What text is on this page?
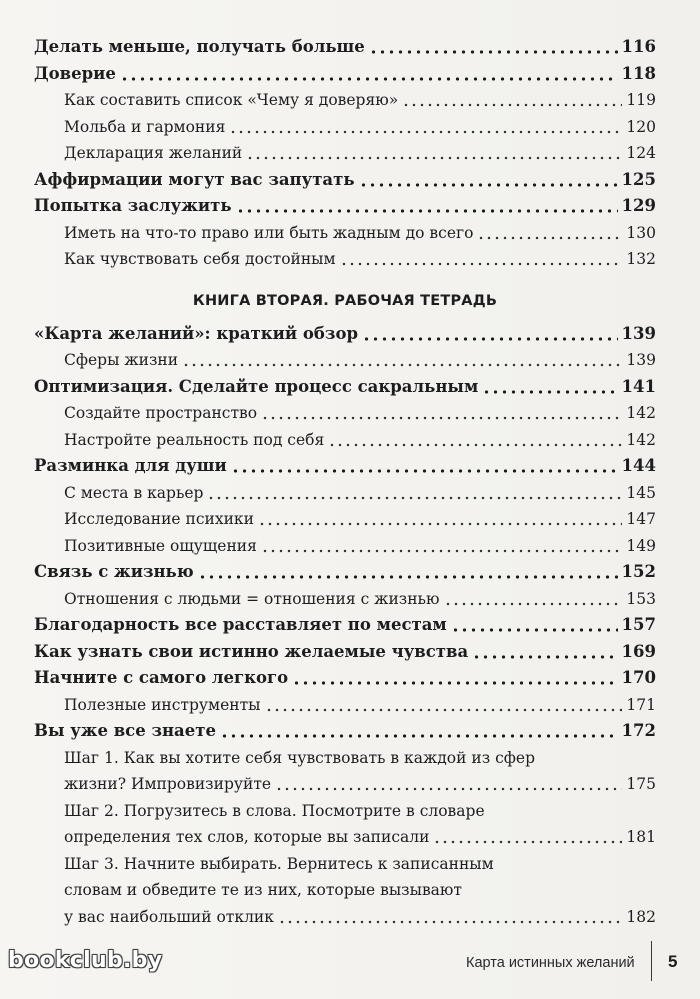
Делать меньше, получать больше	116
Доверие	118
Как составить список «Чему я доверяю»	119
Мольба и гармония	120
Декларация желаний	124
Аффирмации могут вас запутать	125
Попытка заслужить	129
Иметь на что-то право или быть жадным до всего	130
Как чувствовать себя достойным	132
КНИГА ВТОРАЯ. РАБОЧАЯ ТЕТРАДЬ
«Карта желаний»: краткий обзор	139
Сферы жизни	139
Оптимизация. Сделайте процесс сакральным	141
Создайте пространство	142
Настройте реальность под себя	142
Разминка для души	144
С места в карьер	145
Исследование психики	147
Позитивные ощущения	149
Связь с жизнью	152
Отношения с людьми = отношения с жизнью	153
Благодарность все расставляет по местам	157
Как узнать свои истинно желаемые чувства	169
Начните с самого легкого	170
Полезные инструменты	171
Вы уже все знаете	172
Шаг 1. Как вы хотите себя чувствовать в каждой из сфер
жизни? Импровизируйте	175
Шаг 2. Погрузитесь в слова. Посмотрите в словаре
определения тех слов, которые вы записали	181
Шаг 3. Начните выбирать. Вернитесь к записанным
словам и обведите те из них, которые вызывают
у вас наибольший отклик	182
Карта истинных желаний 5
bookclub.by
